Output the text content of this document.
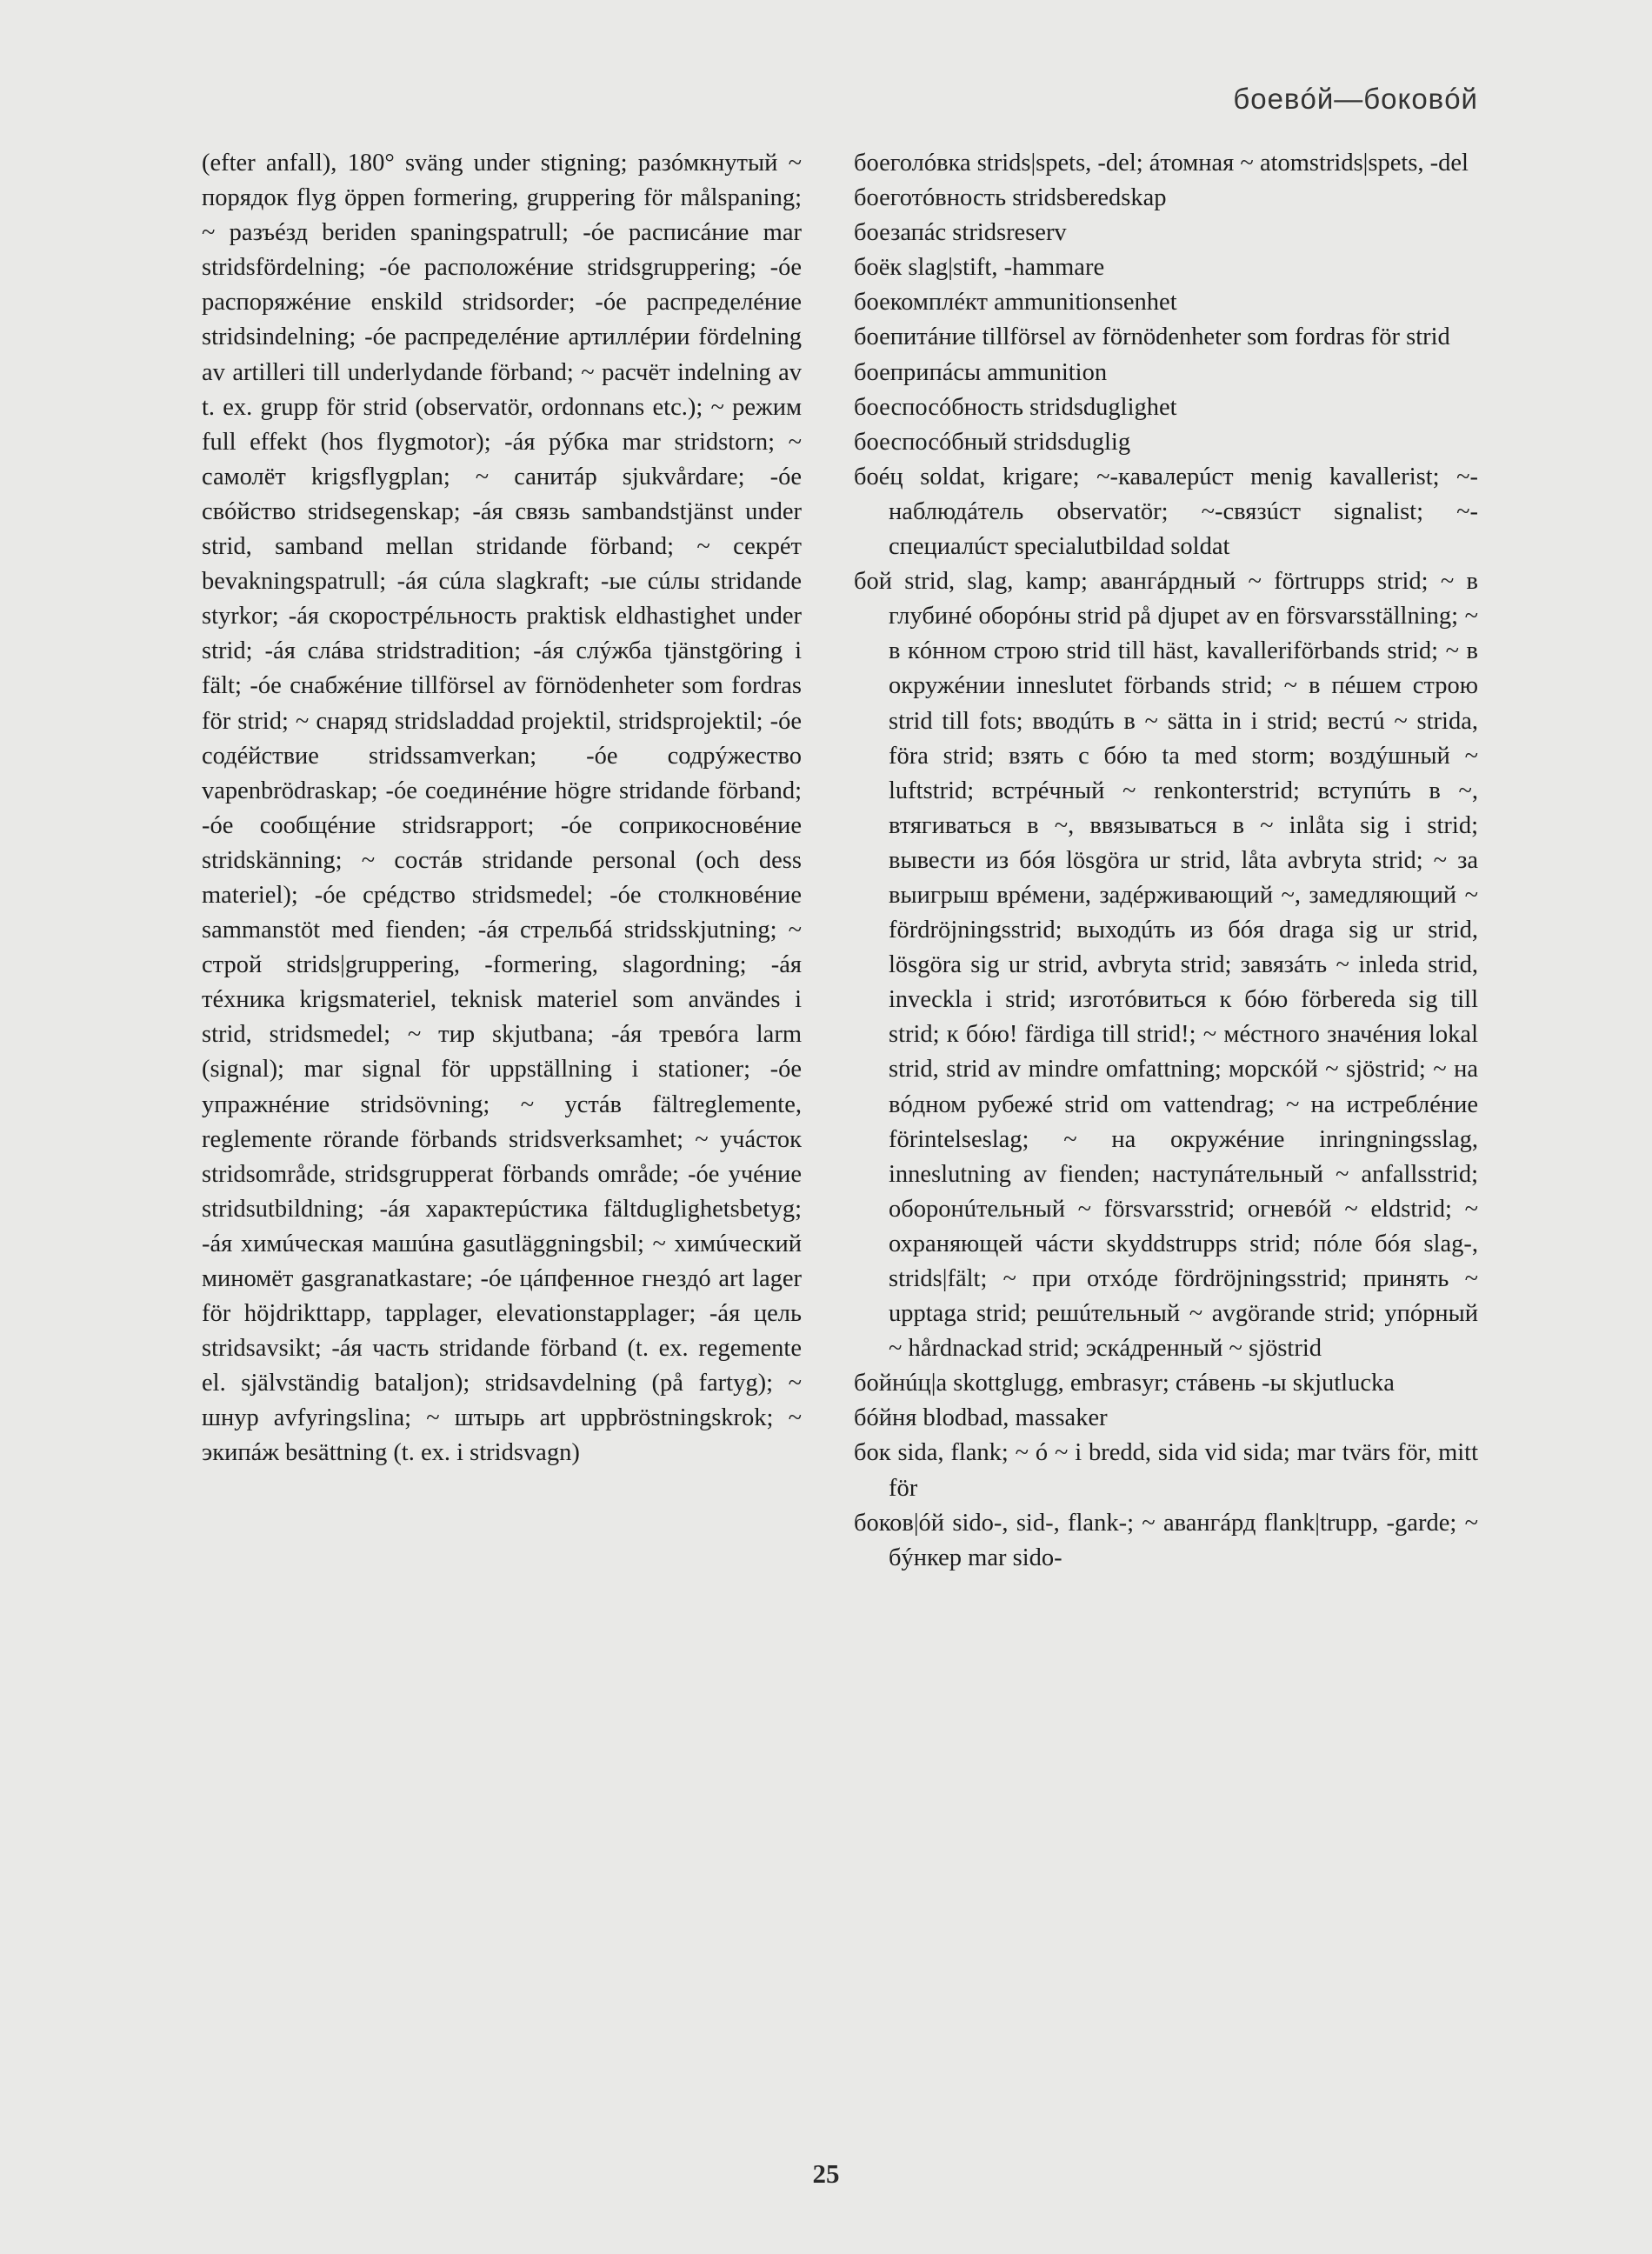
боевóй—боковóй

(efter anfall), 180° sväng under stigning; разóмкнутый ~ порядок flyg öppen formering, gruppering för målspaning; ~ разъéзд beriden spaningspatrull; -óе расписáние mar stridsfördelning; -óе расположéние stridsgruppering; -óе распоряжéние enskild stridsorder; -óе распределéние stridsindelning; -óе распределéние артиллéрии fördelning av artilleri till underlydande förband; ~ расчёт indelning av t. ex. grupp för strid (observatör, ordonnans etc.); ~ режим full effekt (hos flygmotor); -áя рýбка mar stridstorn; ~ самолёт krigsflygplan; ~ санитáр sjukvårdare; -óе свóйство stridsegenskap; -áя связь sambandstjänst under strid, samband mellan stridande förband; ~ секрéт bevakningspatrull; -áя сúла slagkraft; -ые сúлы stridande styrkor; -áя скорострéльность praktisk eldhastighet under strid; -áя слáва stridstradition; -áя слýжба tjänstgöring i fält; -óе снабжéние tillförsel av förnödenheter som fordras för strid; ~ снаряд stridsladdad projektil, stridsprojektil; -óе содéйствие stridssamverkan; -óе содрýжество vapenbrödraskap; -óе соединéние högre stridande förband; -óе сообщéние stridsrapport; -óе соприкосновéние stridskänning; ~ состáв stridande personal (och dess materiel); -óе срéдство stridsmedel; -óе столкновéние sammanstöt med fienden; -áя стрельбá stridsskjutning; ~ строй strids|gruppering, -formering, slagordning; -áя тéхника krigsmateriel, teknisk materiel som användes i strid, stridsmedel; ~ тир skjutbana; -áя тревóга larm (signal); mar signal för uppställning i stationer; -óе упражнéние stridsövning; ~ устáв fältreglemente, reglemente rörande förbands stridsverksamhet; ~ учáсток stridsområde, stridsgrupperat förbands område; -óе учéние stridsutbildning; -áя характерúстика fältduglighetsbetyg; -áя химúческая машúна gasutläggningsbil; ~ химúческий миномёт gasgranatkastare; -óе цáпфенное гнездó art lager för höjdrikttapp, tapplager, elevationstapplager; -áя цель stridsavsikt; -áя часть stridande förband (t. ex. regemente el. självständig bataljon); stridsavdelning (på fartyg); ~ шнур avfyringslina; ~ штырь art uppbröstningskrok; ~ экипáж besättning (t. ex. i stridsvagn)

боеголóвка strids|spets, -del; áтомная ~ atomstrids|spets, -del

боеготóвность stridsberedskap

боезапáс stridsreserv

боёк slag|stift, -hammare

боекомплéкт ammunitionsenhet

боепитáние tillförsel av förnödenheter som fordras för strid

боеприпáсы ammunition

боеспосóбность stridsduglighet

боеспосóбный stridsduglig

боéц soldat, krigare; ~-кавалерúст menig kavallerist; ~-наблюдáтель observatör; ~-связúст signalist; ~-специалúст specialutbildad soldat

бой strid, slag, kamp; авангáрдный ~ förtrupps strid; ~ в глубинé оборóны strid på djupet av en försvarsställning; ~ в кóнном строю strid till häst, kavalleriförbands strid; ~ в окружéнии inneslutet förbands strid; ~ в пéшем строю strid till fots; вводúть в ~ sätta in i strid; вестú ~ strida, föra strid; взять с бóю ta med storm; воздýшный ~ luftstrid; встрéчный ~ renkonterstrid; вступúть в ~, втягиваться в ~, ввязываться в ~ inlåta sig i strid; вывести из бóя lösgöra ur strid, låta avbryta strid; ~ за выигрыш врéмени, задéрживающий ~, замедляющий ~ fördröjningsstrid; выходúть из бóя draga sig ur strid, lösgöra sig ur strid, avbryta strid; завязáть ~ inleda strid, inveckla i strid; изготóвиться к бóю förbereda sig till strid; к бóю! färdiga till strid!; ~ мéстного значéния lokal strid, strid av mindre omfattning; морскóй ~ sjöstrid; ~ на вóдном рубежé strid om vattendrag; ~ на истреблéние förintelseslag; ~ на окружéние inringningsslag, inneslutning av fienden; наступáтельный ~ anfallsstrid; оборонúтельный ~ försvarsstrid; огневóй ~ eldstrid; ~ охраняющей чáсти skyddstrupps strid; пóле бóя slag-, strids|fält; ~ при отхóде fördröjningsstrid; принять ~ upptaga strid; решúтельный ~ avgörande strid; упóрный ~ hårdnackad strid; эскáдренный ~ sjöstrid

бойнúц|а skottglugg, embrasyr; стáвень -ы skjutlucka

бóйня blodbad, massaker

бок sida, flank; ~ ó ~ i bredd, sida vid sida; mar tvärs för, mitt för

боков|óй sido-, sid-, flank-; ~ авангáрд flank|trupp, -garde; ~ бýнкер mar sido-

25
